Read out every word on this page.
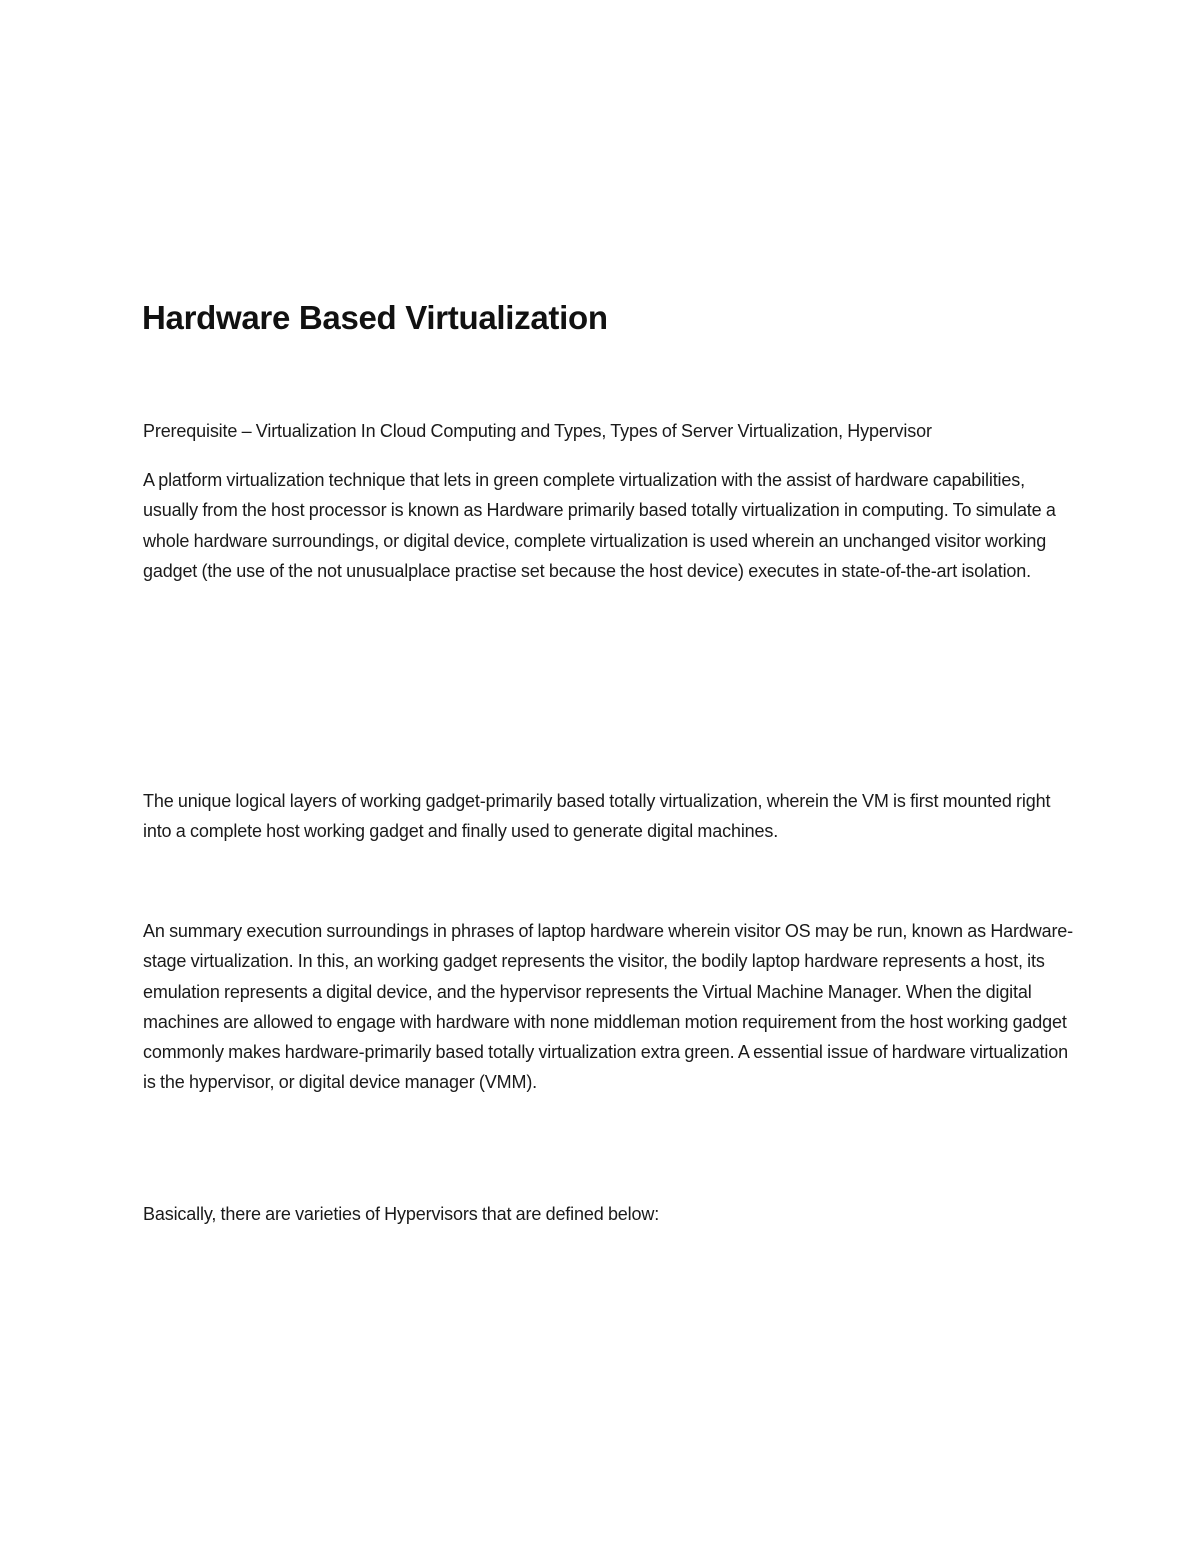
Hardware Based Virtualization

Prerequisite – Virtualization In Cloud Computing and Types, Types of Server Virtualization, Hypervisor

A platform virtualization technique that lets in green complete virtualization with the assist of hardware capabilities, usually from the host processor is known as Hardware primarily based totally virtualization in computing. To simulate a whole hardware surroundings, or digital device, complete virtualization is used wherein an unchanged visitor working gadget (the use of the not unusualplace practise set because the host device) executes in state-of-the-art isolation.

The unique logical layers of working gadget-primarily based totally virtualization, wherein the VM is first mounted right into a complete host working gadget and finally used to generate digital machines.

An summary execution surroundings in phrases of laptop hardware wherein visitor OS may be run, known as Hardware-stage virtualization. In this, an working gadget represents the visitor, the bodily laptop hardware represents a host, its emulation represents a digital device, and the hypervisor represents the Virtual Machine Manager. When the digital machines are allowed to engage with hardware with none middleman motion requirement from the host working gadget commonly makes hardware-primarily based totally virtualization extra green. A essential issue of hardware virtualization is the hypervisor, or digital device manager (VMM).

Basically, there are varieties of Hypervisors that are defined below:
